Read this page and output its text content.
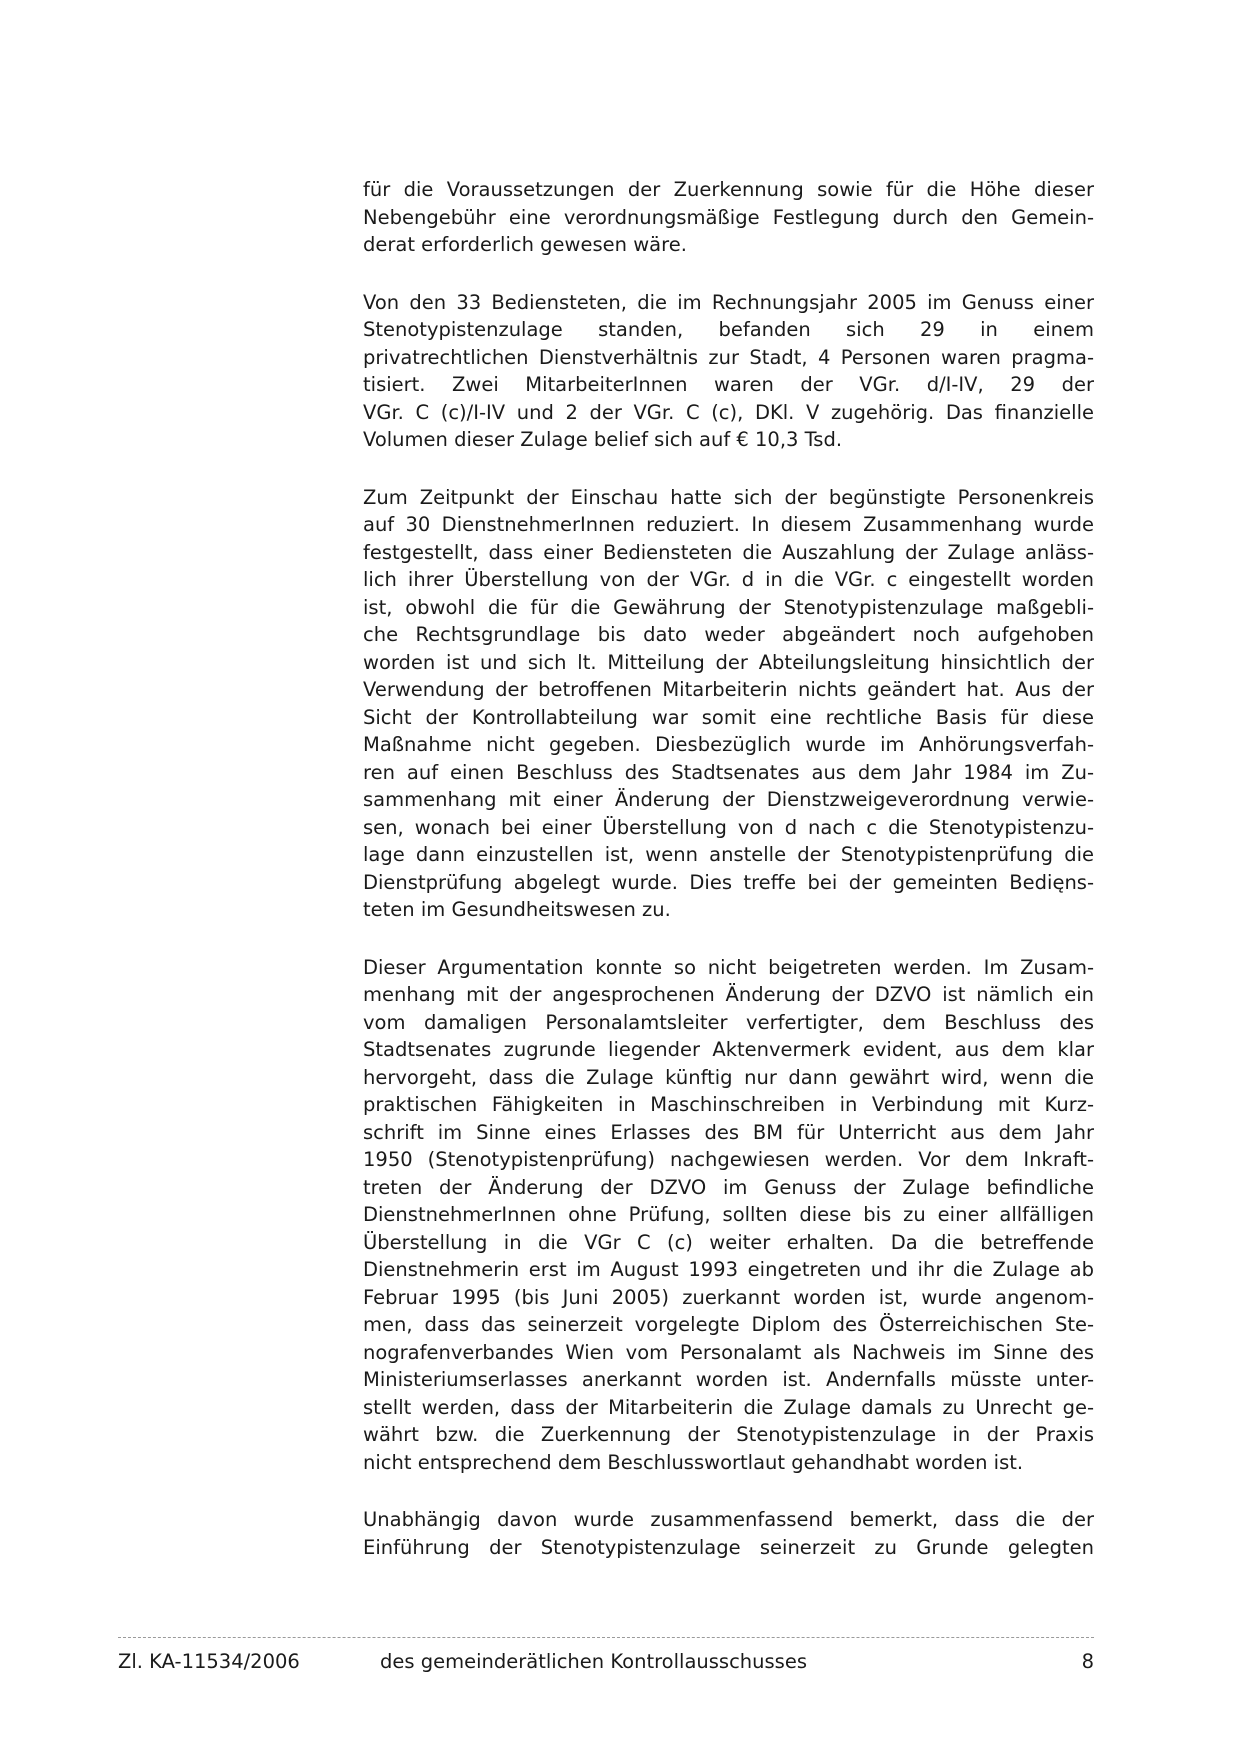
für die Voraussetzungen der Zuerkennung sowie für die Höhe dieser
Nebengebühr eine verordnungsmäßige Festlegung durch den Gemein-
derat erforderlich gewesen wäre.

Von den 33 Bediensteten, die im Rechnungsjahr 2005 im Genuss einer
Stenotypistenzulage standen, befanden sich 29 in einem
privatrechtlichen Dienstverhältnis zur Stadt, 4 Personen waren pragma-
tisiert. Zwei MitarbeiterInnen waren der VGr. d/I-IV, 29 der
VGr. C (c)/I-IV und 2 der VGr. C (c), DKl. V zugehörig. Das finanzielle
Volumen dieser Zulage belief sich auf € 10,3 Tsd.

Zum Zeitpunkt der Einschau hatte sich der begünstigte Personenkreis
auf 30 DienstnehmerInnen reduziert. In diesem Zusammenhang wurde
festgestellt, dass einer Bediensteten die Auszahlung der Zulage anläss-
lich ihrer Überstellung von der VGr. d in die VGr. c eingestellt worden
ist, obwohl die für die Gewährung der Stenotypistenzulage maßgebli-
che Rechtsgrundlage bis dato weder abgeändert noch aufgehoben
worden ist und sich lt. Mitteilung der Abteilungsleitung hinsichtlich der
Verwendung der betroffenen Mitarbeiterin nichts geändert hat. Aus der
Sicht der Kontrollabteilung war somit eine rechtliche Basis für diese
Maßnahme nicht gegeben. Diesbezüglich wurde im Anhörungsverfah-
ren auf einen Beschluss des Stadtsenates aus dem Jahr 1984 im Zu-
sammenhang mit einer Änderung der Dienstzweigeverordnung verwie-
sen, wonach bei einer Überstellung von d nach c die Stenotypistenzu-
lage dann einzustellen ist, wenn anstelle der Stenotypistenprüfung die
Dienstprüfung abgelegt wurde. Dies treffe bei der gemeinten Bedięns-
teten im Gesundheitswesen zu.

Dieser Argumentation konnte so nicht beigetreten werden. Im Zusam-
menhang mit der angesprochenen Änderung der DZVO ist nämlich ein
vom damaligen Personalamtsleiter verfertigter, dem Beschluss des
Stadtsenates zugrunde liegender Aktenvermerk evident, aus dem klar
hervorgeht, dass die Zulage künftig nur dann gewährt wird, wenn die
praktischen Fähigkeiten in Maschinschreiben in Verbindung mit Kurz-
schrift im Sinne eines Erlasses des BM für Unterricht aus dem Jahr
1950 (Stenotypistenprüfung) nachgewiesen werden. Vor dem Inkraft-
treten der Änderung der DZVO im Genuss der Zulage befindliche
DienstnehmerInnen ohne Prüfung, sollten diese bis zu einer allfälligen
Überstellung in die VGr C (c) weiter erhalten. Da die betreffende
Dienstnehmerin erst im August 1993 eingetreten und ihr die Zulage ab
Februar 1995 (bis Juni 2005) zuerkannt worden ist, wurde angenom-
men, dass das seinerzeit vorgelegte Diplom des Österreichischen Ste-
nografenverbandes Wien vom Personalamt als Nachweis im Sinne des
Ministeriumserlasses anerkannt worden ist. Andernfalls müsste unter-
stellt werden, dass der Mitarbeiterin die Zulage damals zu Unrecht ge-
währt bzw. die Zuerkennung der Stenotypistenzulage in der Praxis
nicht entsprechend dem Beschlusswortlaut gehandhabt worden ist.

Unabhängig davon wurde zusammenfassend bemerkt, dass die der
Einführung der Stenotypistenzulage seinerzeit zu Grunde gelegten

Zl. KA-11534/2006	des gemeinderätlichen Kontrollausschusses	8
